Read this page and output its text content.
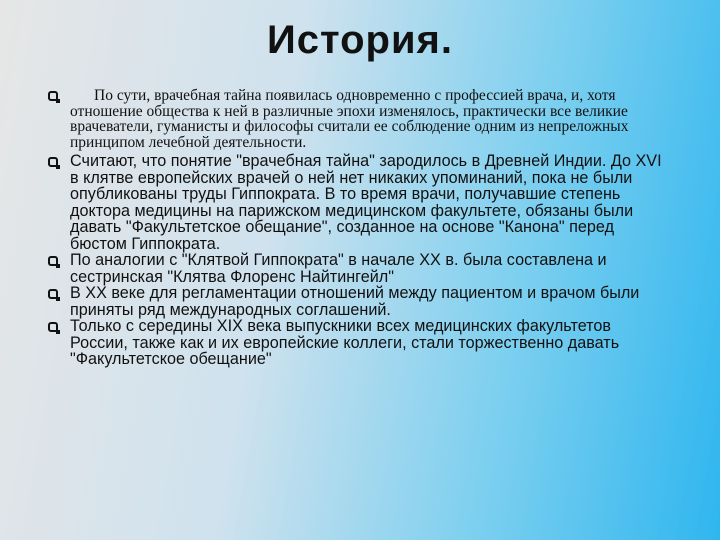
История.
По сути, врачебная тайна появилась одновременно с профессией врача, и, хотя отношение общества к ней в различные эпохи изменялось, практически все великие врачеватели, гуманисты и философы считали ее соблюдение одним из непреложных принципом лечебной деятельности.
Считают, что понятие "врачебная тайна" зародилось в Древней Индии. До XVI в клятве европейских врачей о ней нет никаких упоминаний, пока не были опубликованы труды Гиппократа. В то время врачи, получавшие степень доктора медицины на парижском медицинском факультете, обязаны были давать "Факультетское обещание", созданное на основе "Канона" перед бюстом Гиппократа.
По аналогии с "Клятвой Гиппократа" в начале XX в. была составлена и сестринская "Клятва Флоренс Найтингейл"
В XX веке для регламентации отношений между пациентом и врачом были приняты ряд международных соглашений.
Только с середины XIX века выпускники всех медицинских факультетов России, также как и их европейские коллеги, стали торжественно давать "Факультетское обещание"
